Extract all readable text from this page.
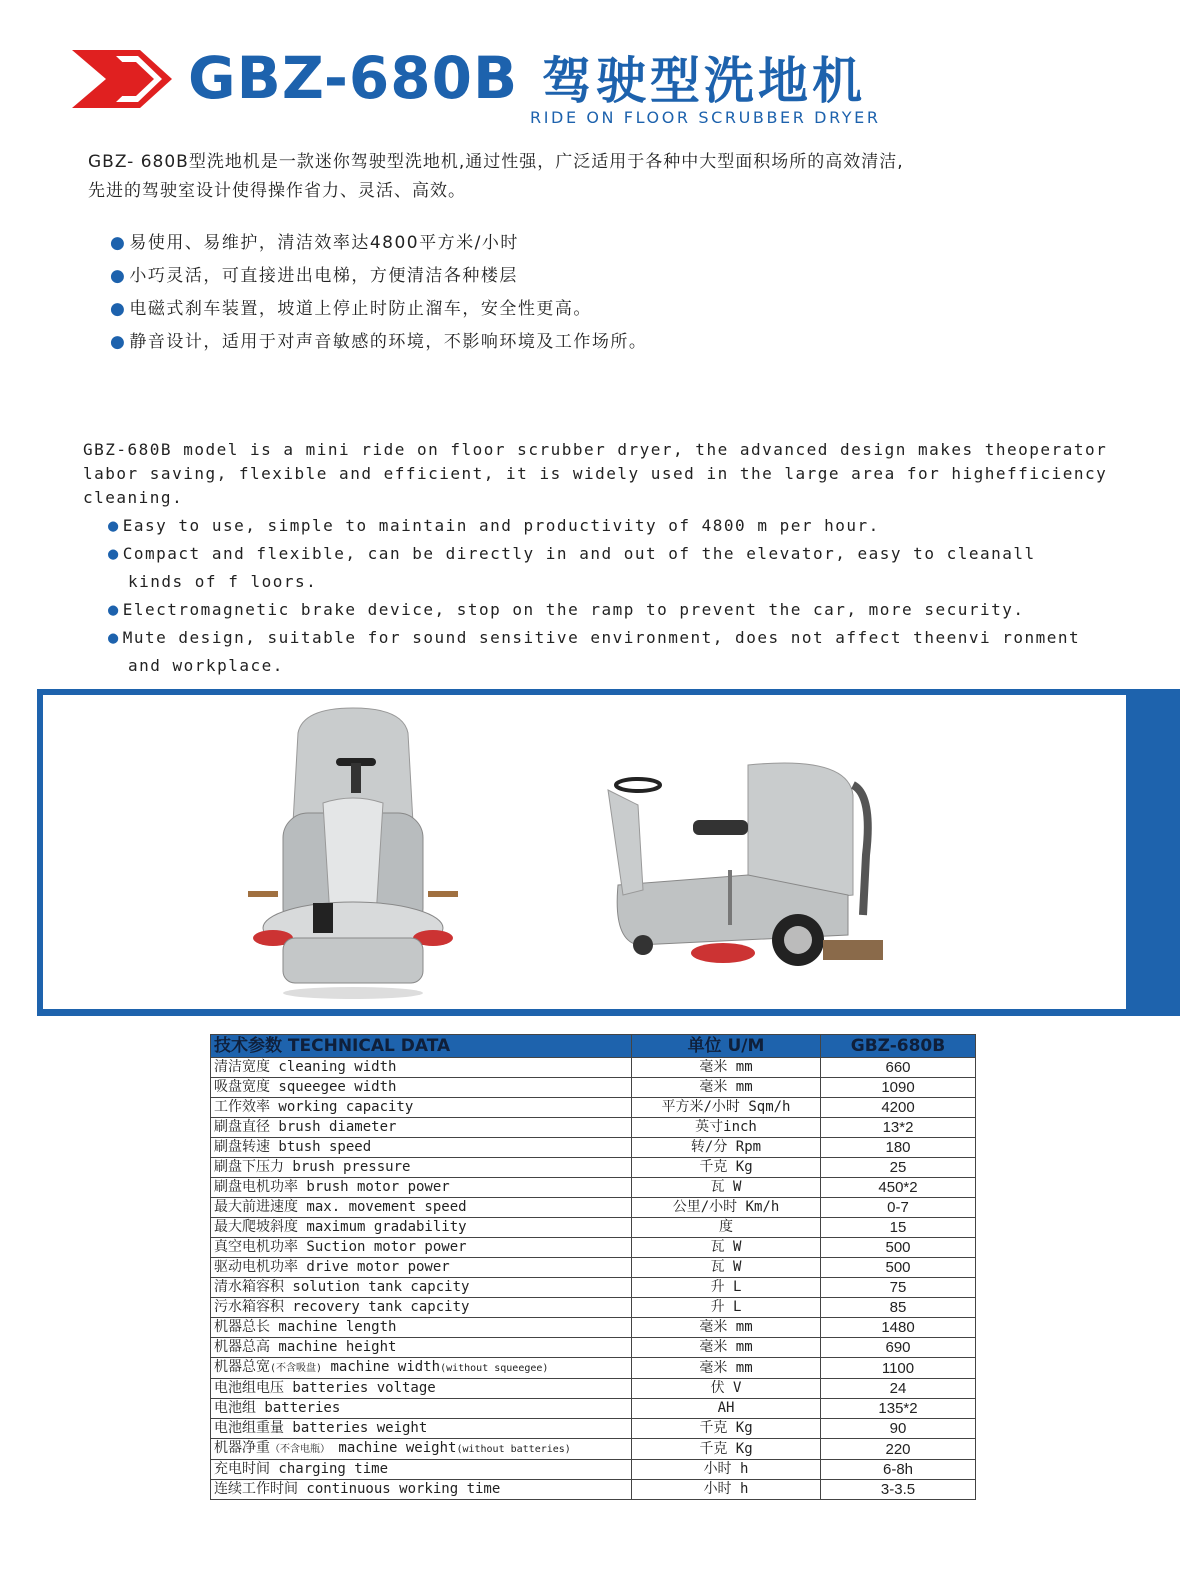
GBZ-680B 驾驶型洗地机
RIDE ON FLOOR SCRUBBER DRYER
GBZ- 680B型洗地机是一款迷你驾驶型洗地机,通过性强，广泛适用于各种中大型面积场所的高效清洁,
先进的驾驶室设计使得操作省力、灵活、高效。
● 易使用、易维护，清洁效率达4800平方米/小时
● 小巧灵活，可直接进出电梯，方便清洁各种楼层
● 电磁式刹车装置，坡道上停止时防止溜车，安全性更高。
● 静音设计，适用于对声音敏感的环境，不影响环境及工作场所。
GBZ-680B model is a mini ride on floor scrubber dryer, the advanced design makes theoperator
labor saving, flexible and efficient, it is widely used in the large area for highefficiency
cleaning.
● Easy to use, simple to maintain and productivity of 4800 m per hour.
● Compact and flexible, can be directly in and out of the elevator, easy to cleanall
kinds of f loors.
● Electromagnetic brake device, stop on the ramp to prevent the car, more security.
● Mute design, suitable for sound sensitive environment, does not affect theenvi ronment
and workplace.
技术参数 TECHNICAL DATA	单位 U/M	GBZ-680B
清洁宽度 cleaning width	毫米 mm	660
吸盘宽度 squeegee width	毫米 mm	1090
工作效率 working capacity	平方米/小时 Sqm/h	4200
刷盘直径 brush diameter	英寸inch	13*2
刷盘转速 btush speed	转/分 Rpm	180
刷盘下压力 brush pressure	千克 Kg	25
刷盘电机功率 brush motor power	瓦 W	450*2
最大前进速度 max. movement speed	公里/小时 Km/h	0-7
最大爬坡斜度 maximum gradability	度	15
真空电机功率 Suction motor power	瓦 W	500
驱动电机功率 drive motor power	瓦 W	500
清水箱容积 solution tank capcity	升 L	75
污水箱容积 recovery tank capcity	升 L	85
机器总长 machine length	毫米 mm	1480
机器总高 machine height	毫米 mm	690
机器总宽(不含吸盘) machine width(without squeegee)	毫米 mm	1100
电池组电压 batteries voltage	伏 V	24
电池组 batteries	AH	135*2
电池组重量 batteries weight	千克 Kg	90
机器净重（不含电瓶） machine weight(without batteries)	千克 Kg	220
充电时间 charging time	小时 h	6-8h
连续工作时间 continuous working time	小时 h	3-3.5
